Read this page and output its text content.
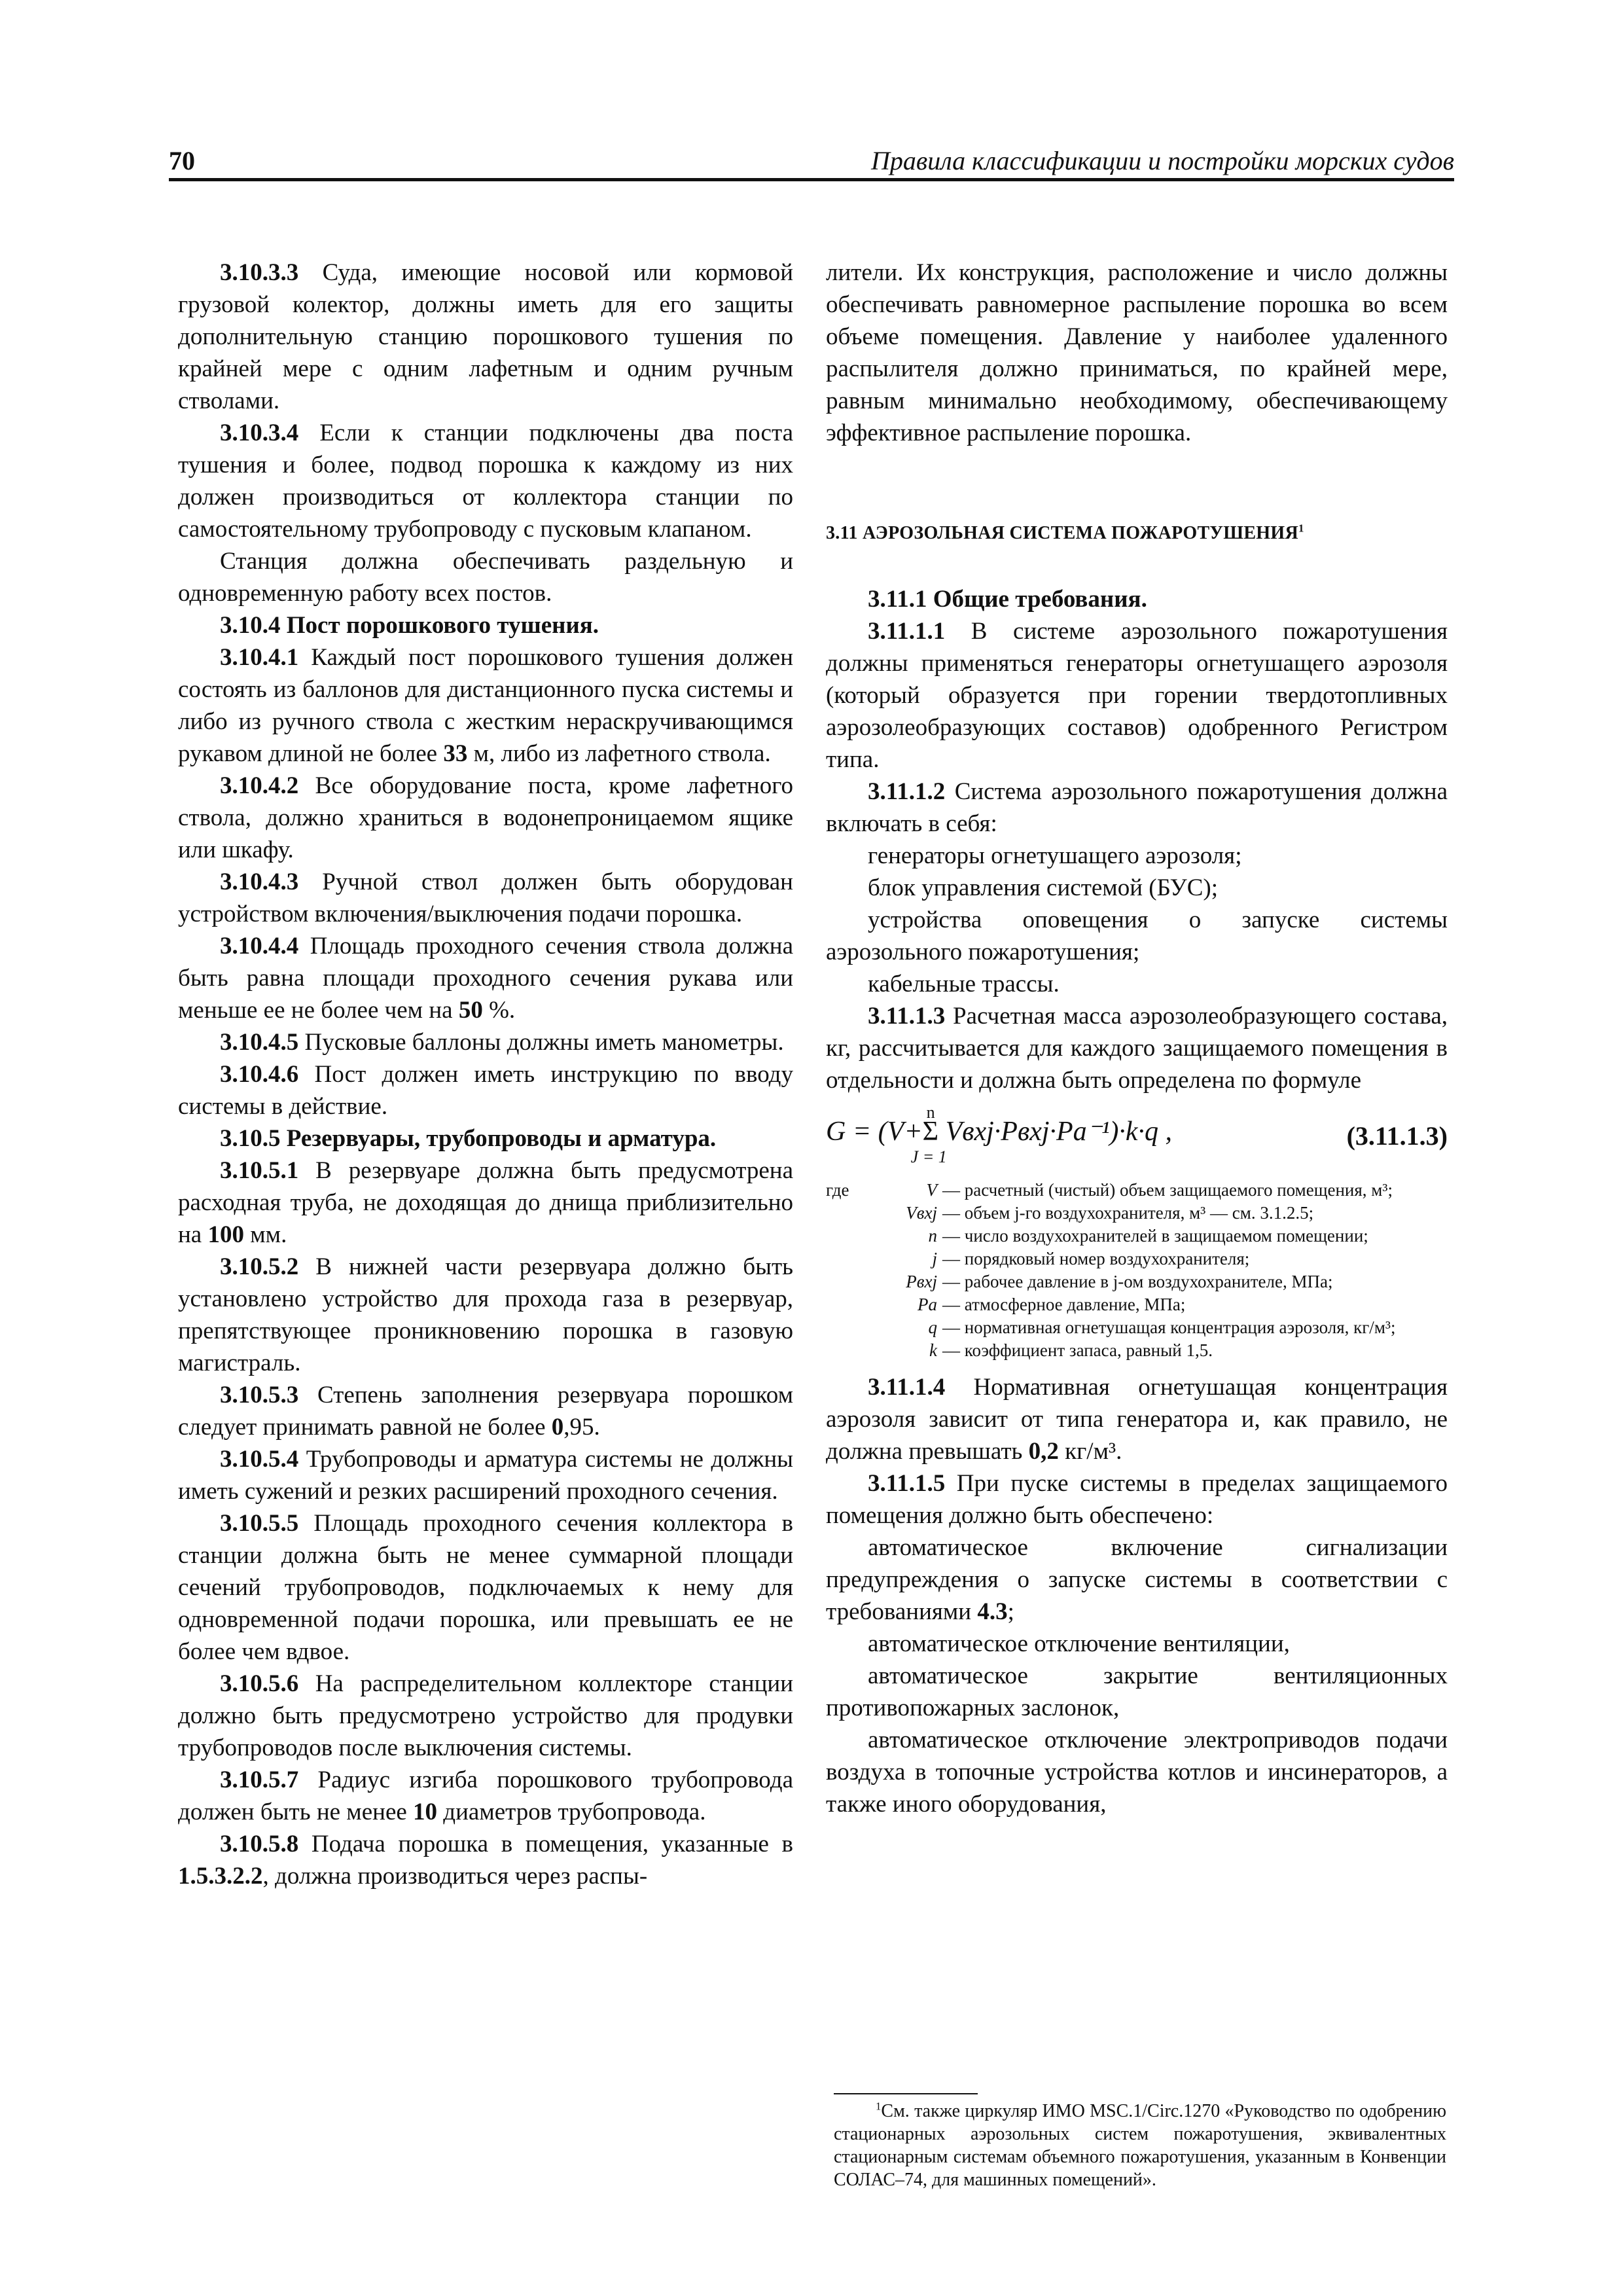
70	Правила классификации и постройки морских судов

3.10.3.3 Суда, имеющие носовой или кормовой грузовой колектор, должны иметь для его защиты дополнительную станцию порошкового тушения по крайней мере с одним лафетным и одним ручным стволами.

3.10.3.4 Если к станции подключены два поста тушения и более, подвод порошка к каждому из них должен производиться от коллектора станции по самостоятельному трубопроводу с пусковым клапаном.

Станция должна обеспечивать раздельную и одновременную работу всех постов.

3.10.4 Пост порошкового тушения.

3.10.4.1 Каждый пост порошкового тушения должен состоять из баллонов для дистанционного пуска системы и либо из ручного ствола с жестким нераскручивающимся рукавом длиной не более 33 м, либо из лафетного ствола.

3.10.4.2 Все оборудование поста, кроме лафетного ствола, должно храниться в водонепроницаемом ящике или шкафу.

3.10.4.3 Ручной ствол должен быть оборудован устройством включения/выключения подачи порошка.

3.10.4.4 Площадь проходного сечения ствола должна быть равна площади проходного сечения рукава или меньше ее не более чем на 50 %.

3.10.4.5 Пусковые баллоны должны иметь манометры.

3.10.4.6 Пост должен иметь инструкцию по вводу системы в действие.

3.10.5 Резервуары, трубопроводы и арматура.

3.10.5.1 В резервуаре должна быть предусмотрена расходная труба, не доходящая до днища приблизительно на 100 мм.

3.10.5.2 В нижней части резервуара должно быть установлено устройство для прохода газа в резервуар, препятствующее проникновению порошка в газовую магистраль.

3.10.5.3 Степень заполнения резервуара порошком следует принимать равной не более 0,95.

3.10.5.4 Трубопроводы и арматура системы не должны иметь сужений и резких расширений проходного сечения.

3.10.5.5 Площадь проходного сечения коллектора в станции должна быть не менее суммарной площади сечений трубопроводов, подключаемых к нему для одновременной подачи порошка, или превышать ее не более чем вдвое.

3.10.5.6 На распределительном коллекторе станции должно быть предусмотрено устройство для продувки трубопроводов после выключения системы.

3.10.5.7 Радиус изгиба порошкового трубопровода должен быть не менее 10 диаметров трубопровода.

3.10.5.8 Подача порошка в помещения, указанные в 1.5.3.2.2, должна производиться через распы-

лители. Их конструкция, расположение и число должны обеспечивать равномерное распыление порошка во всем объеме помещения. Давление у наиболее удаленного распылителя должно приниматься, по крайней мере, равным минимально необходимому, обеспечивающему эффективное распыление порошка.

3.11 АЭРОЗОЛЬНАЯ СИСТЕМА ПОЖАРОТУШЕНИЯ$^1$

3.11.1 Общие требования.

3.11.1.1 В системе аэрозольного пожаротушения должны применяться генераторы огнетушащего аэрозоля (который образуется при горении твердотопливных аэрозолеобразующих составов) одобренного Регистром типа.

3.11.1.2 Система аэрозольного пожаротушения должна включать в себя:

генераторы огнетушащего аэрозоля;

блок управления системой (БУС);

устройства оповещения о запуске системы аэрозольного пожаротушения;

кабельные трассы.

3.11.1.3 Расчетная масса аэрозолеобразующего состава, кг, рассчитывается для каждого защищаемого помещения в отдельности и должна быть определена по формуле

G = (V+
n
Σ
J = 1
Vвхj·Pвхj·Pa⁻¹)·k·q ,	(3.11.1.3)
где	V — расчетный (чистый) объем защищаемого помещения, м³;
Vвхj — объем j-го воздухохранителя, м³ — см. 3.1.2.5;
n — число воздухохранителей в защищаемом помещении;
j — порядковый номер воздухохранителя;
Pвхj — рабочее давление в j-ом воздухохранителе, МПа;
Pa — атмосферное давление, МПа;
q — нормативная огнетушащая концентрация аэрозоля, кг/м³;
k — коэффициент запаса, равный 1,5.

3.11.1.4 Нормативная огнетушащая концентрация аэрозоля зависит от типа генератора и, как правило, не должна превышать 0,2 кг/м³.

3.11.1.5 При пуске системы в пределах защищаемого помещения должно быть обеспечено:

автоматическое включение сигнализации предупреждения о запуске системы в соответствии с требованиями 4.3;

автоматическое отключение вентиляции,

автоматическое закрытие вентиляционных противопожарных заслонок,

автоматическое отключение электроприводов подачи воздуха в топочные устройства котлов и инсинераторов, а также иного оборудования,

$^1$См. также циркуляр ИМО MSC.1/Circ.1270 «Руководство по одобрению стационарных аэрозольных систем пожаротушения, эквивалентных стационарным системам объемного пожаротушения, указанным в Конвенции СОЛАС–74, для машинных помещений».
